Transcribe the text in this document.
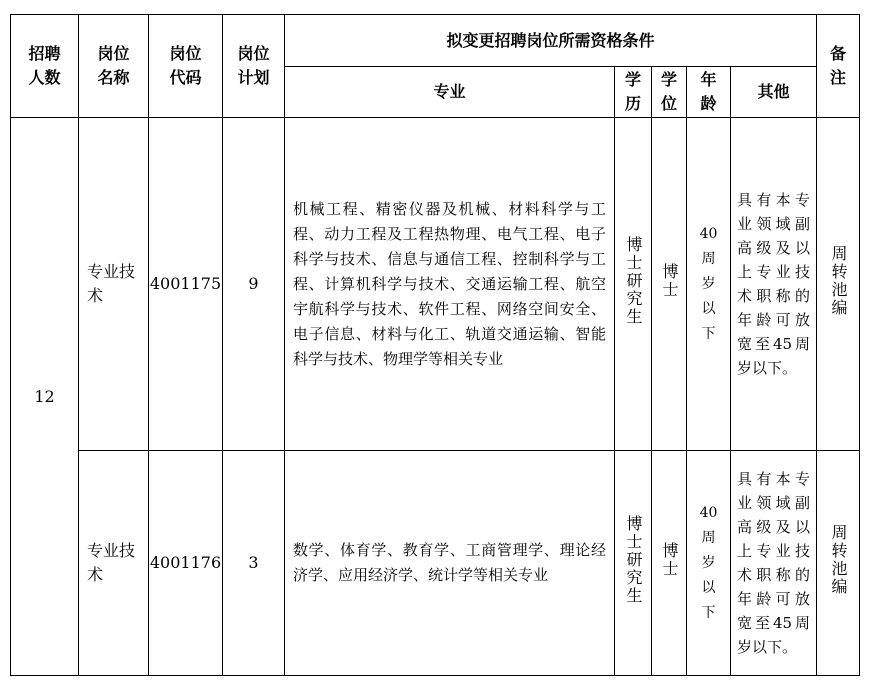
招聘人数	岗位名称	岗位代码	岗位计划	拟变更招聘岗位所需资格条件					备注

				专业	学历	学位	年龄	其他	
12	专业技术	4001175	9	机械工程、精密仪器及机械、材料科学与工程、动力工程及工程热物理、电气工程、电子科学与技术、信息与通信工程、控制科学与工程、计算机科学与技术、交通运输工程、航空宇航科学与技术、软件工程、网络空间安全、电子信息、材料与化工、轨道交通运输、智能科学与技术、物理学等相关专业	博士研究生	博士	40周岁以下	具有本专业领域副高级及以上专业技术职称的年龄可放宽至45周岁以下。	周转池编

	专业技术	4001176	3	数学、体育学、教育学、工商管理学、理论经济学、应用经济学、统计学等相关专业	博士研究生	博士	40周岁以下	具有本专业领域副高级及以上专业技术职称的年龄可放宽至45周岁以下。	周转池编
